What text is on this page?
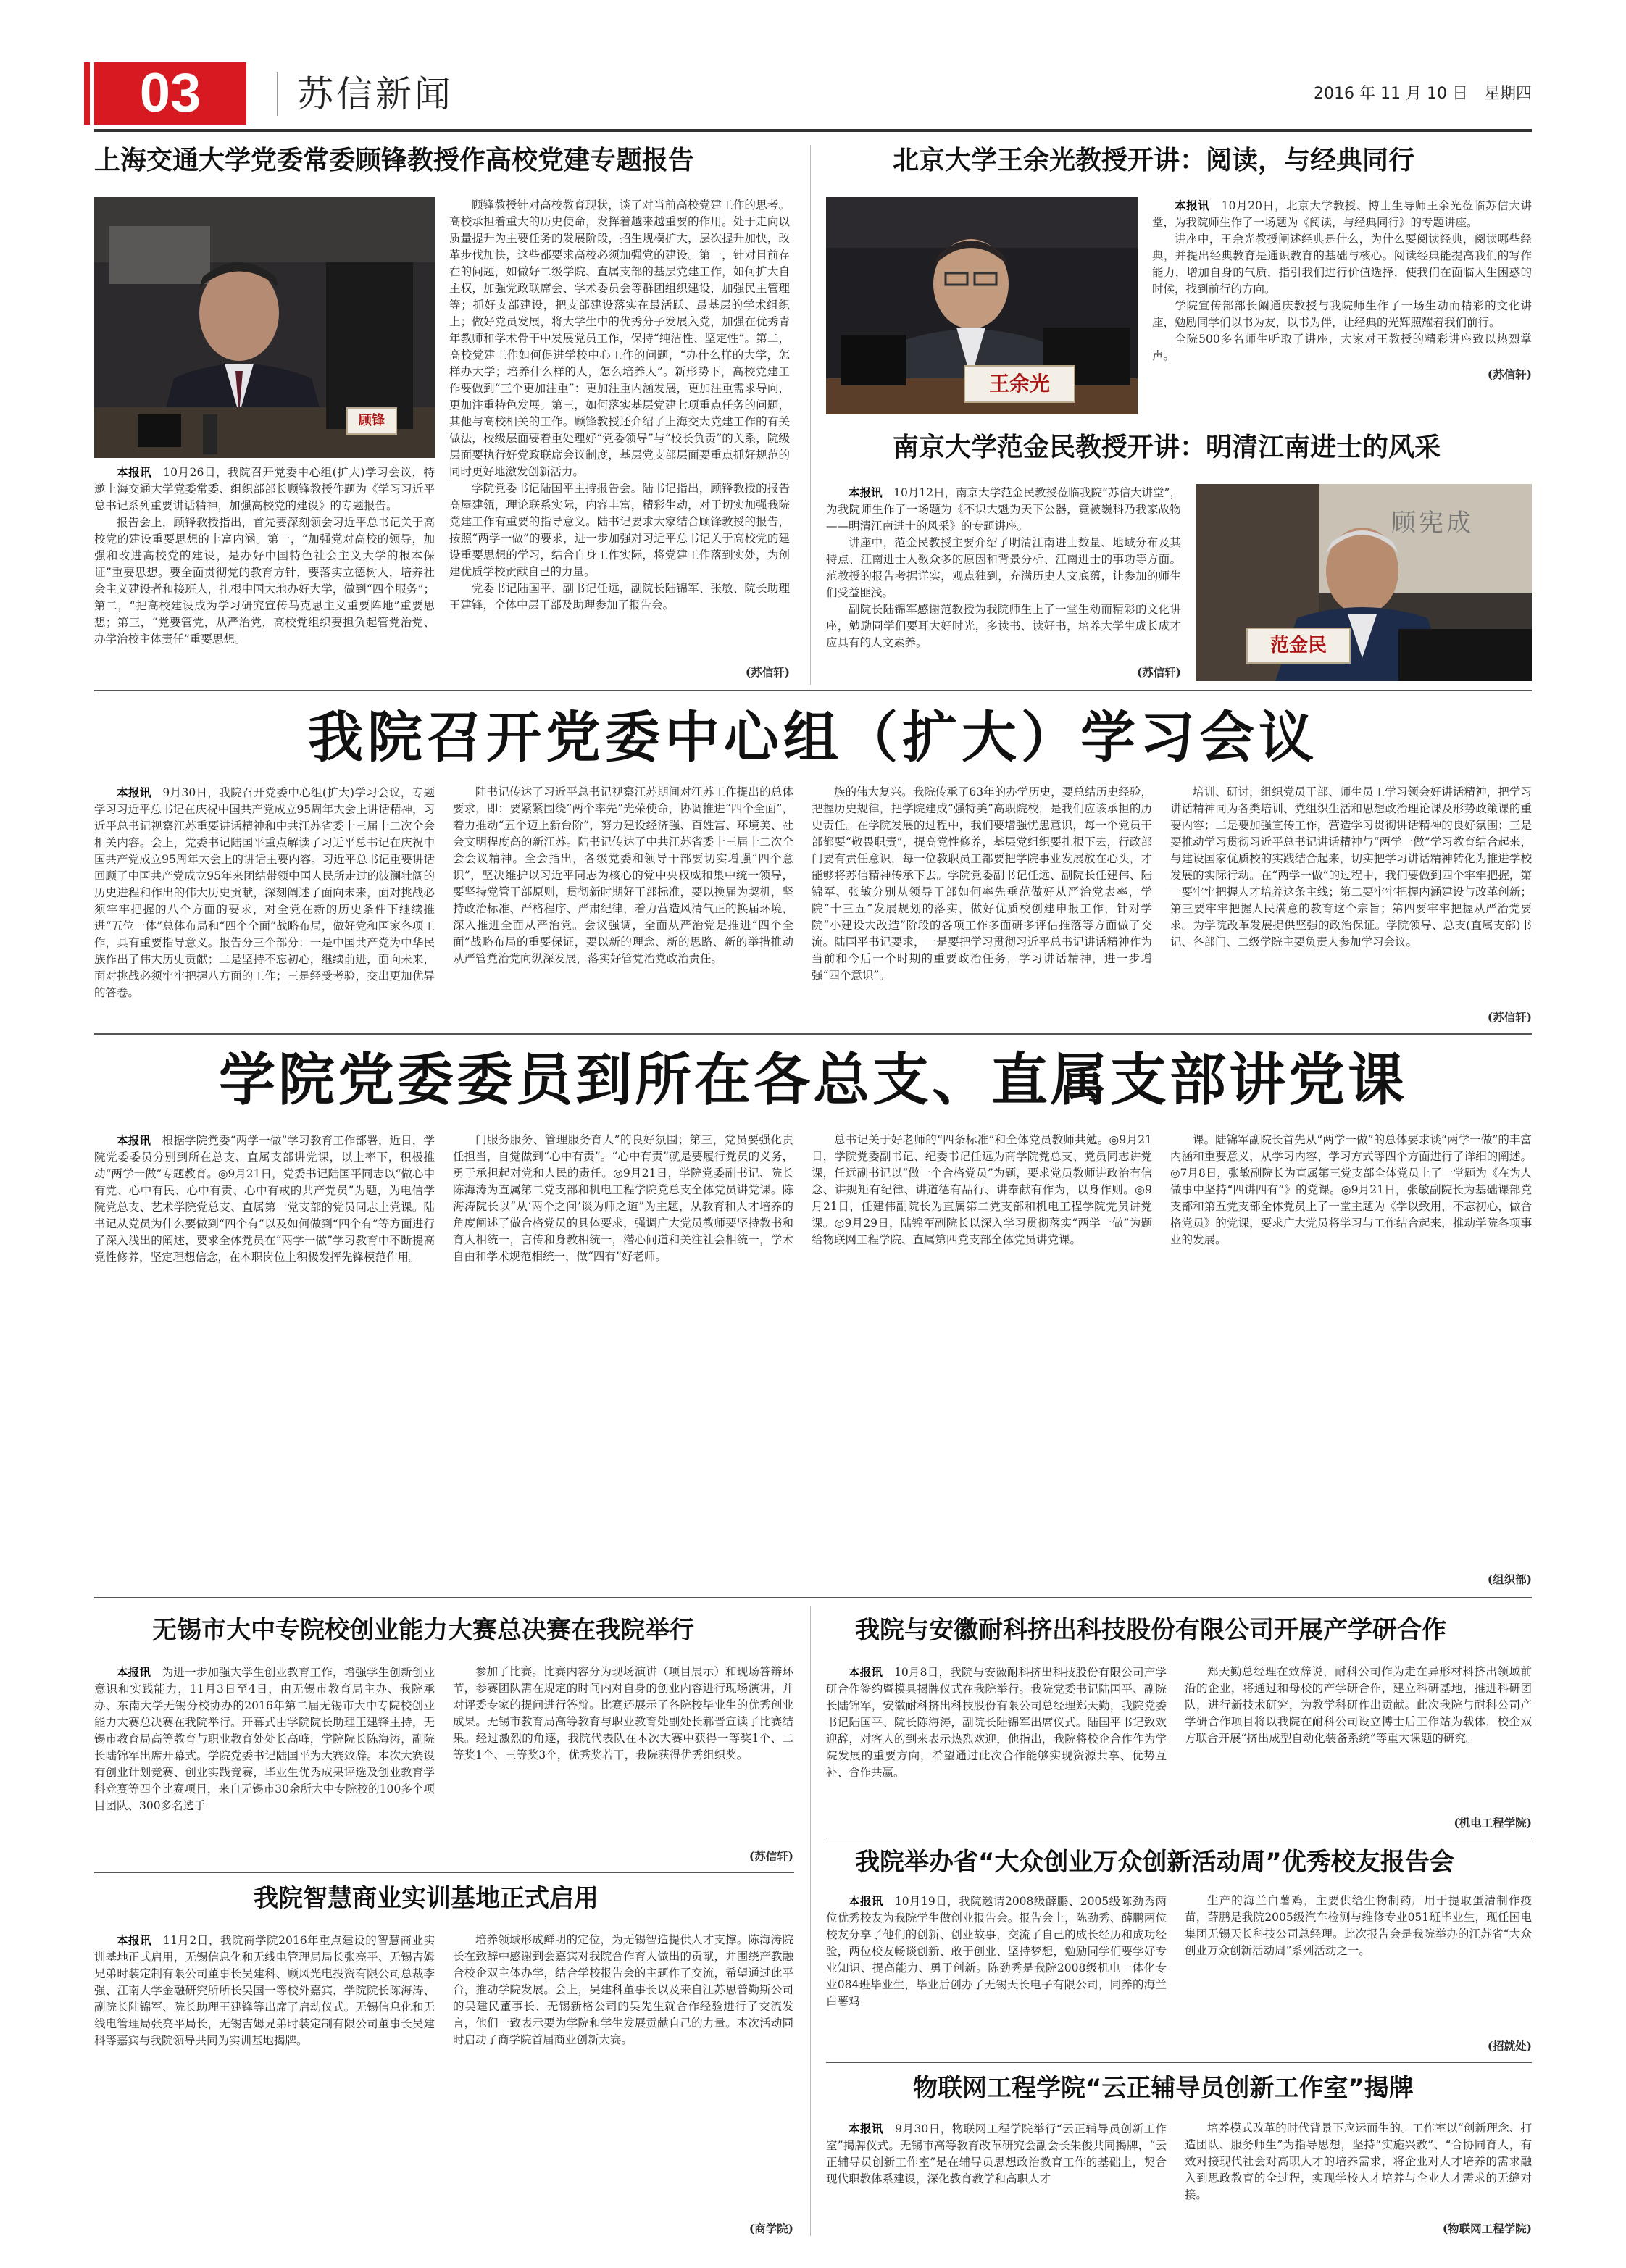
03	苏信新闻	2016 年 11 月 10 日　星期四
上海交通大学党委常委顾锋教授作高校党建专题报告
顾锋

本报讯　 10月26日，我院召开党委中心组(扩大)学习会议，特邀上海交通大学党委常委、组织部部长顾锋教授作题为《学习习近平总书记系列重要讲话精神，加强高校党的建设》的专题报告。

报告会上，顾锋教授指出，首先要深刻领会习近平总书记关于高校党的建设重要思想的丰富内涵。第一，“加强党对高校的领导，加强和改进高校党的建设，是办好中国特色社会主义大学的根本保证”重要思想。要全面贯彻党的教育方针，要落实立德树人，培养社会主义建设者和接班人，扎根中国大地办好大学，做到“四个服务”；第二，“把高校建设成为学习研究宣传马克思主义重要阵地”重要思想；第三，“党要管党，从严治党，高校党组织要担负起管党治党、办学治校主体责任”重要思想。

顾锋教授针对高校教育现状，谈了对当前高校党建工作的思考。高校承担着重大的历史使命，发挥着越来越重要的作用。处于走向以质量提升为主要任务的发展阶段，招生规模扩大，层次提升加快，改革步伐加快，这些都要求高校必须加强党的建设。第一，针对目前存在的问题，如做好二级学院、直属支部的基层党建工作，如何扩大自主权，加强党政联席会、学术委员会等群团组织建设，加强民主管理等；抓好支部建设，把支部建设落实在最活跃、最基层的学术组织上；做好党员发展，将大学生中的优秀分子发展入党，加强在优秀青年教师和学术骨干中发展党员工作，保持“纯洁性、坚定性”。第二，高校党建工作如何促进学校中心工作的问题，“办什么样的大学，怎样办大学；培养什么样的人，怎么培养人”。新形势下，高校党建工作要做到“三个更加注重”：更加注重内涵发展，更加注重需求导向，更加注重特色发展。第三，如何落实基层党建七项重点任务的问题，其他与高校相关的工作。顾锋教授还介绍了上海交大党建工作的有关做法，校级层面要着重处理好“党委领导”与“校长负责”的关系，院级层面要执行好党政联席会议制度，基层党支部层面要重点抓好规范的同时更好地激发创新活力。

学院党委书记陆国平主持报告会。陆书记指出，顾锋教授的报告高屋建瓴，理论联系实际，内容丰富，精彩生动，对于切实加强我院党建工作有重要的指导意义。陆书记要求大家结合顾锋教授的报告，按照“两学一做”的要求，进一步加强对习近平总书记关于高校党的建设重要思想的学习，结合自身工作实际，将党建工作落到实处，为创建优质学校贡献自己的力量。

党委书记陆国平、副书记任远，副院长陆锦军、张敏、院长助理王建锋，全体中层干部及助理参加了报告会。

(苏信轩)
北京大学王余光教授开讲：阅读，与经典同行
王余光

本报讯　 10月20日，北京大学教授、博士生导师王余光莅临苏信大讲堂，为我院师生作了一场题为《阅读，与经典同行》的专题讲座。

讲座中，王余光教授阐述经典是什么，为什么要阅读经典，阅读哪些经典，并提出经典教育是通识教育的基础与核心。阅读经典能提高我们的写作能力，增加自身的气质，指引我们进行价值选择，使我们在面临人生困惑的时候，找到前行的方向。

学院宣传部部长阚通庆教授与我院师生作了一场生动而精彩的文化讲座，勉励同学们以书为友，以书为伴，让经典的光辉照耀着我们前行。

全院500多名师生听取了讲座，大家对王教授的精彩讲座致以热烈掌声。

(苏信轩)
南京大学范金民教授开讲：明清江南进士的风采

本报讯　 10月12日，南京大学范金民教授莅临我院“苏信大讲堂”，为我院师生作了一场题为《不识大魁为天下公器，竟被巍科乃我家故物——明清江南进士的风采》的专题讲座。

讲座中，范金民教授主要介绍了明清江南进士数量、地域分布及其特点、江南进士人数众多的原因和背景分析、江南进士的事功等方面。范教授的报告考据详实，观点独到，充满历史人文底蕴，让参加的师生们受益匪浅。

副院长陆锦军感谢范教授为我院师生上了一堂生动而精彩的文化讲座，勉励同学们要耳大好时光，多读书、读好书，培养大学生成长成才应具有的人文素养。

(苏信轩)
顾宪成
范金民
我院召开党委中心组（扩大）学习会议

本报讯　 9月30日，我院召开党委中心组(扩大)学习会议，专题学习习近平总书记在庆祝中国共产党成立95周年大会上讲话精神，习近平总书记视察江苏重要讲话精神和中共江苏省委十三届十二次全会相关内容。会上，党委书记陆国平重点解读了习近平总书记在庆祝中国共产党成立95周年大会上的讲话主要内容。习近平总书记重要讲话回顾了中国共产党成立95年来团结带领中国人民所走过的波澜壮阔的历史进程和作出的伟大历史贡献，深刻阐述了面向未来，面对挑战必须牢牢把握的八个方面的要求，对全党在新的历史条件下继续推进“五位一体”总体布局和“四个全面”战略布局，做好党和国家各项工作，具有重要指导意义。报告分三个部分：一是中国共产党为中华民族作出了伟大历史贡献；二是坚持不忘初心，继续前进，面向未来，面对挑战必须牢牢把握八方面的工作；三是经受考验，交出更加优异的答卷。

陆书记传达了习近平总书记视察江苏期间对江苏工作提出的总体要求，即：要紧紧围绕“两个率先”光荣使命，协调推进“四个全面”，着力推动“五个迈上新台阶”，努力建设经济强、百姓富、环境美、社会文明程度高的新江苏。陆书记传达了中共江苏省委十三届十二次全会会议精神。全会指出，各级党委和领导干部要切实增强“四个意识”，坚决维护以习近平同志为核心的党中央权威和集中统一领导，要坚持党管干部原则，贯彻新时期好干部标准，要以换届为契机，坚持政治标准、严格程序、严肃纪律，着力营造风清气正的换届环境，深入推进全面从严治党。会议强调，全面从严治党是推进“四个全面”战略布局的重要保证，要以新的理念、新的思路、新的举措推动从严管党治党向纵深发展，落实好管党治党政治责任。

族的伟大复兴。我院传承了63年的办学历史，要总结历史经验，把握历史规律，把学院建成“强特美”高职院校，是我们应该承担的历史责任。在学院发展的过程中，我们要增强忧患意识，每一个党员干部都要“敬畏职责”，提高党性修养，基层党组织要扎根下去，行政部门要有责任意识，每一位教职员工都要把学院事业发展放在心头，才能够将苏信精神传承下去。学院党委副书记任远、副院长任建伟、陆锦军、张敏分别从领导干部如何率先垂范做好从严治党表率，学院“十三五”发展规划的落实，做好优质校创建申报工作，针对学院“小建设大改造”阶段的各项工作多面研多评估推落等方面做了交流。陆国平书记要求，一是要把学习贯彻习近平总书记讲话精神作为当前和今后一个时期的重要政治任务，学习讲话精神，进一步增强“四个意识”。

培训、研讨，组织党员干部、师生员工学习领会好讲话精神，把学习讲话精神同为各类培训、党组织生活和思想政治理论课及形势政策课的重要内容；二是要加强宣传工作，营造学习贯彻讲话精神的良好氛围；三是要推动学习贯彻习近平总书记讲话精神与“两学一做”学习教育结合起来，与建设国家优质校的实践结合起来，切实把学习讲话精神转化为推进学校发展的实际行动。在“两学一做”的过程中，我们要做到四个牢牢把握，第一要牢牢把握人才培养这条主线；第二要牢牢把握内涵建设与改革创新；第三要牢牢把握人民满意的教育这个宗旨；第四要牢牢把握从严治党要求。为学院改革发展提供坚强的政治保证。学院领导、总支(直属支部)书记、各部门、二级学院主要负责人参加学习会议。

(苏信轩)
学院党委委员到所在各总支、直属支部讲党课

本报讯　 根据学院党委“两学一做”学习教育工作部署，近日，学院党委委员分别到所在总支、直属支部讲党课，以上率下，积极推动“两学一做”专题教育。◎9月21日，党委书记陆国平同志以“做心中有党、心中有民、心中有责、心中有戒的共产党员”为题，为电信学院党总支、艺术学院党总支、直属第一党支部的党员同志上党课。陆书记从党员为什么要做到“四个有”以及如何做到“四个有”等方面进行了深入浅出的阐述，要求全体党员在“两学一做”学习教育中不断提高党性修养，坚定理想信念，在本职岗位上积极发挥先锋模范作用。

门服务服务、管理服务育人”的良好氛围；第三，党员要强化责任担当，自觉做到“心中有责”。“心中有责”就是要履行党员的义务，勇于承担起对党和人民的责任。◎9月21日，学院党委副书记、院长陈海涛为直属第二党支部和机电工程学院党总支全体党员讲党课。陈海涛院长以“从‘两个之问’谈为师之道”为主题，从教育和人才培养的角度阐述了做合格党员的具体要求，强调广大党员教师要坚持教书和育人相统一，言传和身教相统一，潜心问道和关注社会相统一，学术自由和学术规范相统一，做“四有”好老师。

总书记关于好老师的“四条标准”和全体党员教师共勉。◎9月21日，学院党委副书记、纪委书记任远为商学院党总支、党员同志讲党课，任远副书记以“做一个合格党员”为题，要求党员教师讲政治有信念、讲规矩有纪律、讲道德有品行、讲奉献有作为，以身作则。◎9月21日，任建伟副院长为直属第二党支部和机电工程学院党员讲党课。◎9月29日，陆锦军副院长以深入学习贯彻落实“两学一做”为题给物联网工程学院、直属第四党支部全体党员讲党课。

课。陆锦军副院长首先从“两学一做”的总体要求谈“两学一做”的丰富内涵和重要意义，从学习内容、学习方式等四个方面进行了详细的阐述。◎7月8日，张敏副院长为直属第三党支部全体党员上了一堂题为《在为人做事中坚持“四讲四有”》的党课。◎9月21日，张敏副院长为基础课部党支部和第五党支部全体党员上了一堂主题为《学以致用，不忘初心，做合格党员》的党课，要求广大党员将学习与工作结合起来，推动学院各项事业的发展。

(组织部)
无锡市大中专院校创业能力大赛总决赛在我院举行

本报讯　 为进一步加强大学生创业教育工作，增强学生创新创业意识和实践能力，11月3日至4日，由无锡市教育局主办、我院承办、东南大学无锡分校协办的2016年第二届无锡市大中专院校创业能力大赛总决赛在我院举行。开幕式由学院院长助理王建锋主持，无锡市教育局高等教育与职业教育处处长高峰，学院院长陈海涛，副院长陆锦军出席开幕式。学院党委书记陆国平为大赛致辞。本次大赛设有创业计划竞赛、创业实践竞赛，毕业生优秀成果评选及创业教育学科竞赛等四个比赛项目，来自无锡市30余所大中专院校的100多个项目团队、300多名选手

参加了比赛。比赛内容分为现场演讲（项目展示）和现场答辩环节，参赛团队需在规定的时间内对自身的创业内容进行现场演讲，并对评委专家的提问进行答辩。比赛还展示了各院校毕业生的优秀创业成果。无锡市教育局高等教育与职业教育处副处长郝晋宣读了比赛结果。经过激烈的角逐，我院代表队在本次大赛中获得一等奖1个、二等奖1个、三等奖3个，优秀奖若干，我院获得优秀组织奖。

(苏信轩)
我院智慧商业实训基地正式启用

本报讯　 11月2日，我院商学院2016年重点建设的智慧商业实训基地正式启用，无锡信息化和无线电管理局局长张亮平、无锡吉姆兄弟时装定制有限公司董事长吴建科、顾风光电投资有限公司总裁李强、江南大学金融研究所所长吴国一等校外嘉宾，学院院长陈海涛、副院长陆锦军、院长助理王建锋等出席了启动仪式。无锡信息化和无线电管理局张亮平局长，无锡吉姆兄弟时装定制有限公司董事长吴建科等嘉宾与我院领导共同为实训基地揭牌。

培养领域形成鲜明的定位，为无锡智造提供人才支撑。陈海涛院长在致辞中感谢到会嘉宾对我院合作育人做出的贡献，并围绕产教融合校企双主体办学，结合学校报告会的主题作了交流，希望通过此平台，推动学院发展。会上，吴建科董事长以及来自江苏思普勤斯公司的吴建民董事长、无锡新格公司的吴先生就合作经验进行了交流发言，他们一致表示要为学院和学生发展贡献自己的力量。本次活动同时启动了商学院首届商业创新大赛。

(商学院)
我院与安徽耐科挤出科技股份有限公司开展产学研合作

本报讯　 10月8日，我院与安徽耐科挤出科技股份有限公司产学研合作签约暨模具揭牌仪式在我院举行。我院党委书记陆国平、副院长陆锦军，安徽耐科挤出科技股份有限公司总经理郑天勤，我院党委书记陆国平、院长陈海涛，副院长陆锦军出席仪式。陆国平书记致欢迎辞，对客人的到来表示热烈欢迎，他指出，我院将校企合作作为学院发展的重要方向，希望通过此次合作能够实现资源共享、优势互补、合作共赢。

郑天勤总经理在致辞说，耐科公司作为走在异形材料挤出领域前沿的企业，将通过和母校的产学研合作，建立科研基地，推进科研团队，进行新技术研究，为教学科研作出贡献。此次我院与耐科公司产学研合作项目将以我院在耐科公司设立博士后工作站为载体，校企双方联合开展“挤出成型自动化装备系统”等重大课题的研究。

(机电工程学院)
我院举办省“大众创业万众创新活动周”优秀校友报告会

本报讯　 10月19日，我院邀请2008级薛鹏、2005级陈劲秀两位优秀校友为我院学生做创业报告会。报告会上，陈劲秀、薛鹏两位校友分享了他们的创新、创业故事，交流了自己的成长经历和成功经验，两位校友畅谈创新、敢于创业、坚持梦想，勉励同学们要学好专业知识、提高能力、勇于创新。陈劲秀是我院2008级机电一体化专业084班毕业生，毕业后创办了无锡天长电子有限公司，同养的海兰白薯鸡

生产的海兰白薯鸡，主要供给生物制药厂用于提取蛋清制作疫苗，薛鹏是我院2005级汽车检测与维修专业051班毕业生，现任国电集团无锡天长科技公司总经理。此次报告会是我院举办的江苏省“大众创业万众创新活动周”系列活动之一。

(招就处)
物联网工程学院“云正辅导员创新工作室”揭牌

本报讯　 9月30日，物联网工程学院举行“云正辅导员创新工作室”揭牌仪式。无锡市高等教育改革研究会副会长朱俊共同揭牌，“云正辅导员创新工作室”是在辅导员思想政治教育工作的基础上，契合现代职教体系建设，深化教育教学和高职人才

培养模式改革的时代背景下应运而生的。工作室以“创新理念、打造团队、服务师生”为指导思想，坚持“实施兴教”、“合协同育人，有效对接现代社会对高职人才的培养需求，将企业对人才培养的需求融入到思政教育的全过程，实现学校人才培养与企业人才需求的无缝对接。

(物联网工程学院)
